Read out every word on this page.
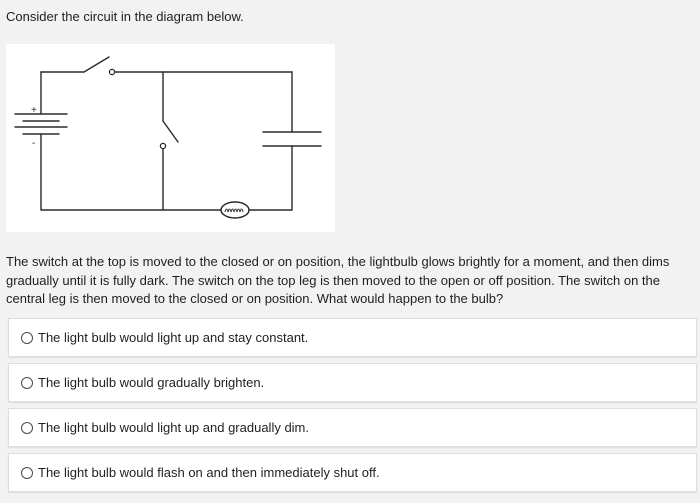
Consider the circuit in the diagram below.
+
-
The switch at the top is moved to the closed or on position, the lightbulb glows brightly for a moment, and then dims gradually until it is fully dark. The switch on the top leg is then moved to the open or off position. The switch on the central leg is then moved to the closed or on position. What would happen to the bulb?
The light bulb would light up and stay constant.
The light bulb would gradually brighten.
The light bulb would light up and gradually dim.
The light bulb would flash on and then immediately shut off.
